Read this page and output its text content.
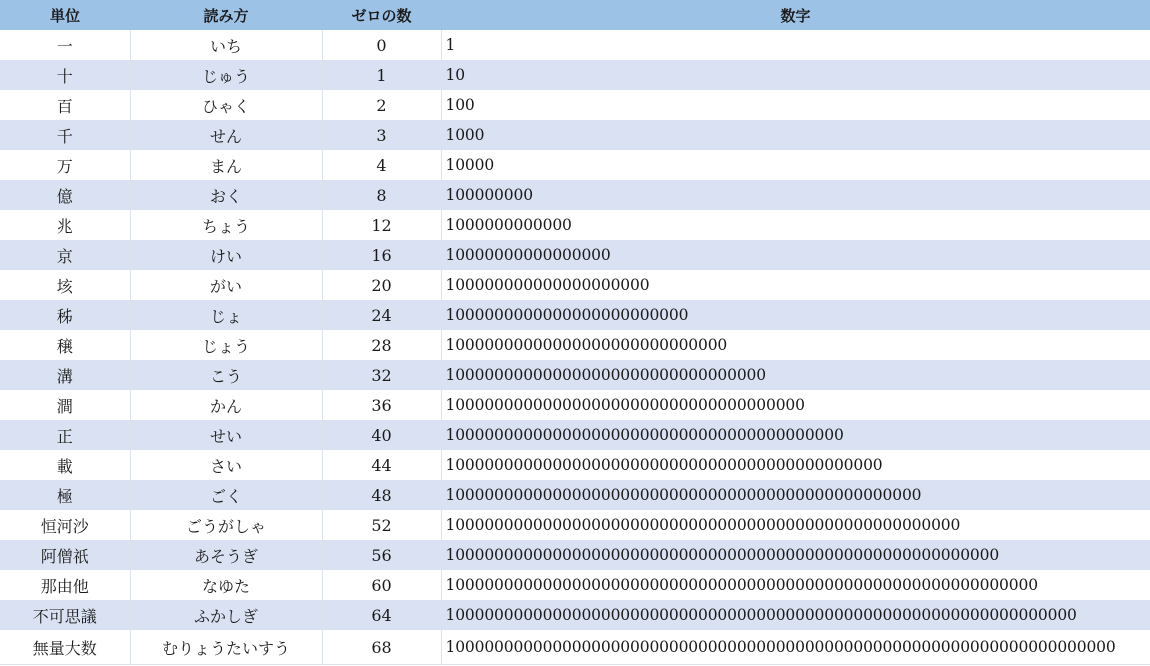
単位	読み方	ゼロの数	数字
一	いち	0	1
十	じゅう	1	10
百	ひゃく	2	100
千	せん	3	1000
万	まん	4	10000
億	おく	8	100000000
兆	ちょう	12	1000000000000
京	けい	16	10000000000000000
垓	がい	20	100000000000000000000
秭	じょ	24	1000000000000000000000000
穣	じょう	28	10000000000000000000000000000
溝	こう	32	100000000000000000000000000000000
澗	かん	36	1000000000000000000000000000000000000
正	せい	40	10000000000000000000000000000000000000000
載	さい	44	100000000000000000000000000000000000000000000
極	ごく	48	1000000000000000000000000000000000000000000000000
恒河沙	ごうがしゃ	52	10000000000000000000000000000000000000000000000000000
阿僧祇	あそうぎ	56	100000000000000000000000000000000000000000000000000000000
那由他	なゆた	60	1000000000000000000000000000000000000000000000000000000000000
不可思議	ふかしぎ	64	10000000000000000000000000000000000000000000000000000000000000000
無量大数	むりょうたいすう	68	100000000000000000000000000000000000000000000000000000000000000000000
